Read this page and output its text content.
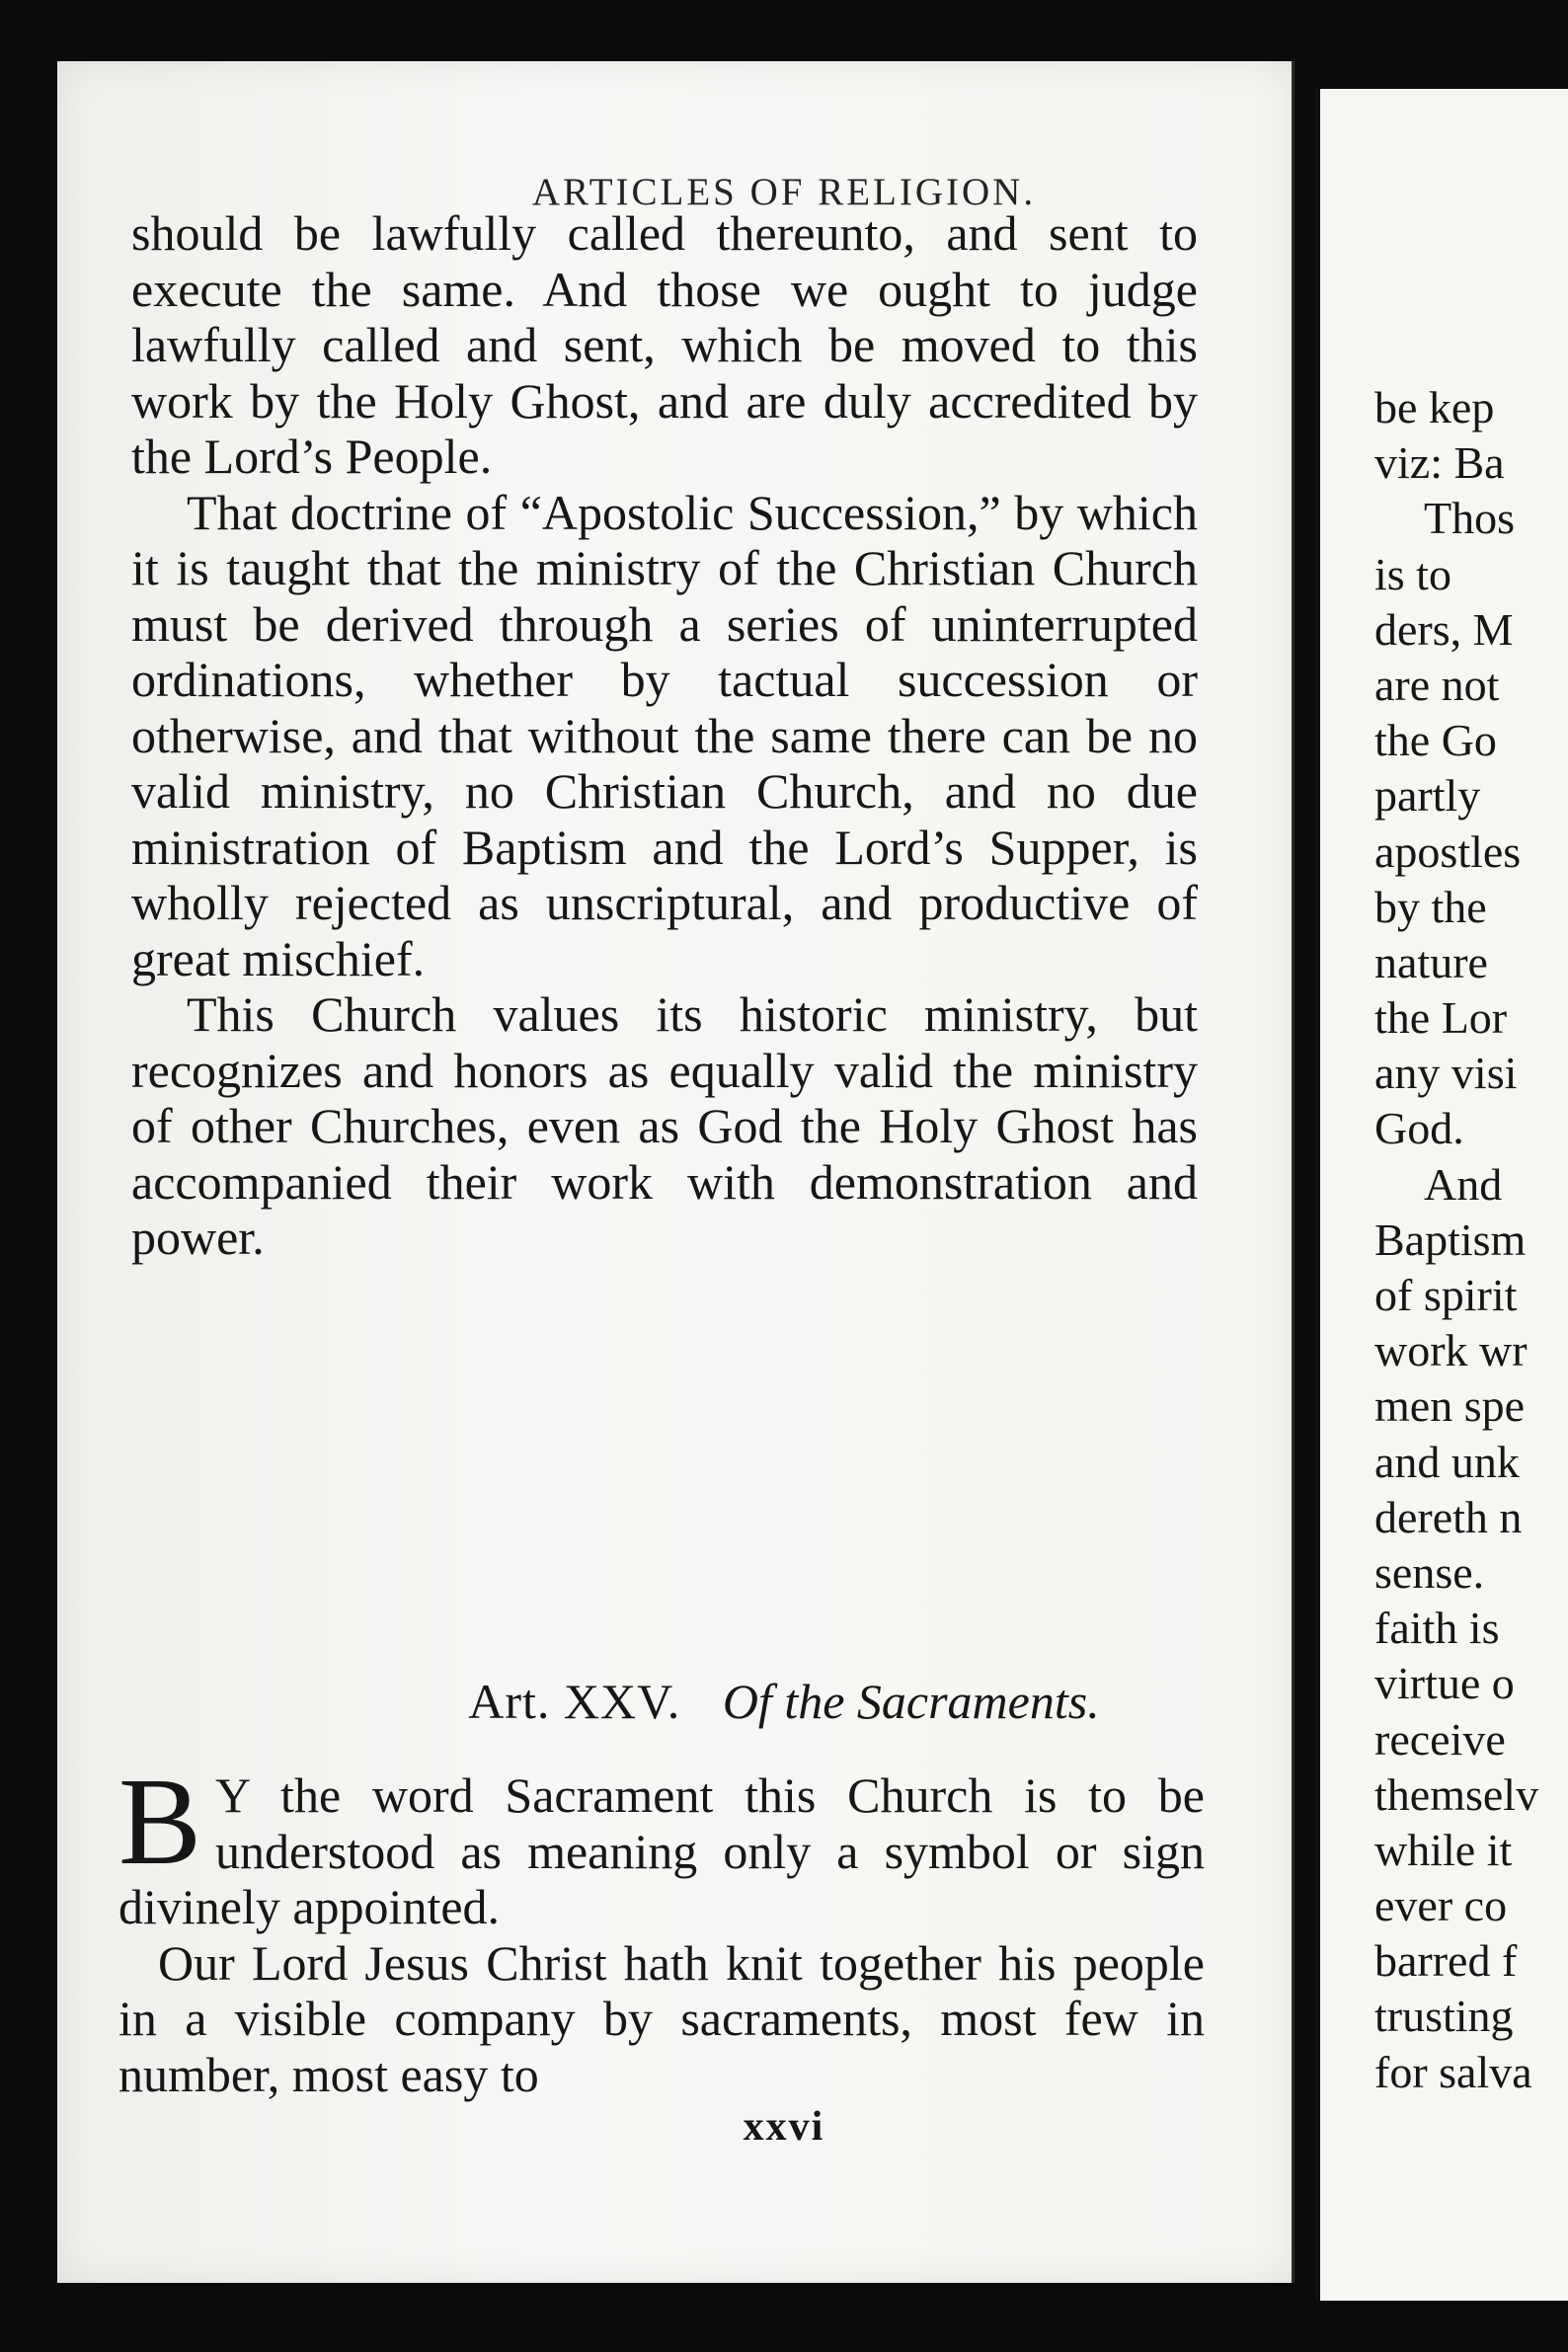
ARTICLES OF RELIGION.

should be lawfully called thereunto, and sent to execute the same. And those we ought to judge lawfully called and sent, which be moved to this work by the Holy Ghost, and are duly accredited by the Lord’s People.

That doctrine of “Apostolic Succession,” by which it is taught that the ministry of the Christian Church must be derived through a series of uninterrupted ordinations, whether by tactual succession or otherwise, and that without the same there can be no valid ministry, no Christian Church, and no due ministration of Baptism and the Lord’s Supper, is wholly rejected as unscriptural, and productive of great mischief.

This Church values its historic ministry, but recognizes and honors as equally valid the ministry of other Churches, even as God the Holy Ghost has accompanied their work with demonstration and power.

Art. XXV. Of the Sacraments.

B Y the word Sacrament this Church is to be understood as meaning only a symbol or sign divinely appointed.

Our Lord Jesus Christ hath knit together his people in a visible company by sacraments, most few in number, most easy to

xxvi
be kep
viz: Ba
Thos
is to
ders, M
are not
the Go
partly
apostles
by the
nature
the Lor
any visi
God.
And
Baptism
of spirit
work wr
men spe
and unk
dereth n
sense.
faith is
virtue o
receive
themselv
while it
ever co
barred f
trusting
for salva
